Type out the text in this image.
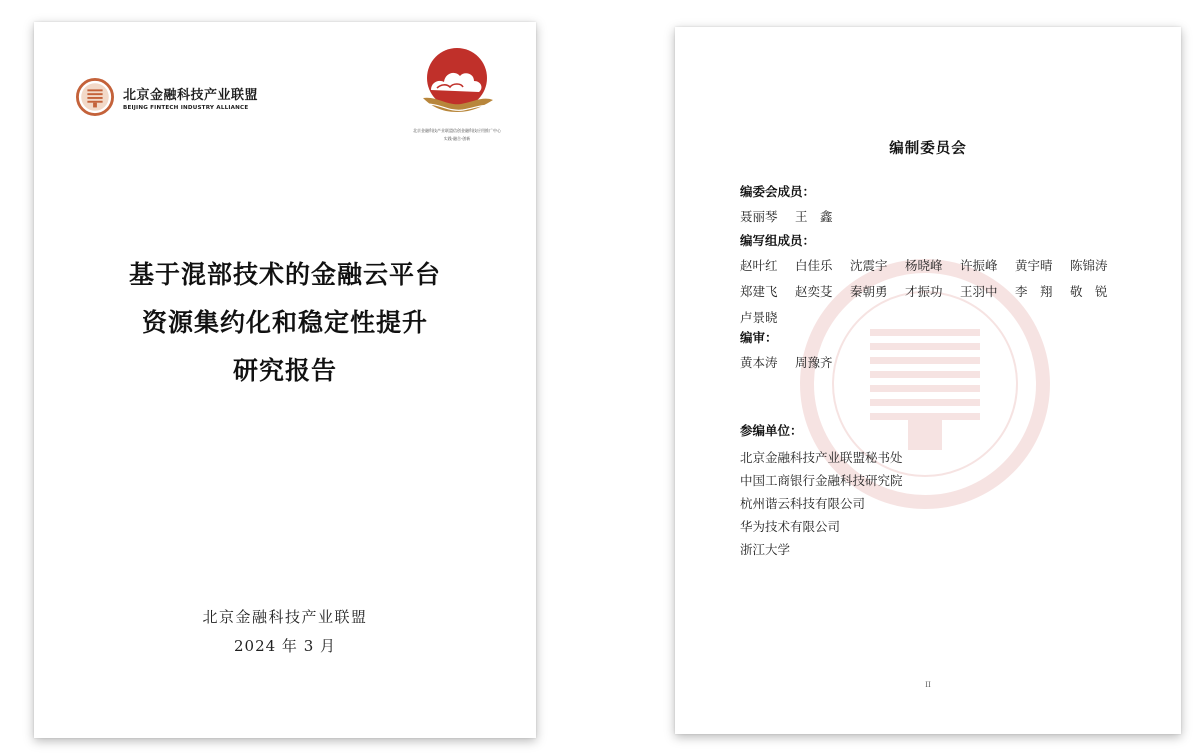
北京金融科技产业联盟
BEIJING FINTECH INDUSTRY ALLIANCE
北京金融科技产业联盟信创金融科技应用推广中心
实践·融合·创新
基于混部技术的金融云平台
资源集约化和稳定性提升
研究报告
北京金融科技产业联盟
2024 年 3 月
编制委员会
编委会成员：
聂丽琴	王　鑫
编写组成员：
赵叶红	白佳乐	沈震宇	杨晓峰	许振峰	黄宇晴	陈锦涛
郑建飞	赵奕芟	秦朝勇	才振功	王羽中	李　翔	敬　锐
卢景晓
编审：
黄本涛	周豫齐
参编单位：
北京金融科技产业联盟秘书处
中国工商银行金融科技研究院
杭州谐云科技有限公司
华为技术有限公司
浙江大学
II
